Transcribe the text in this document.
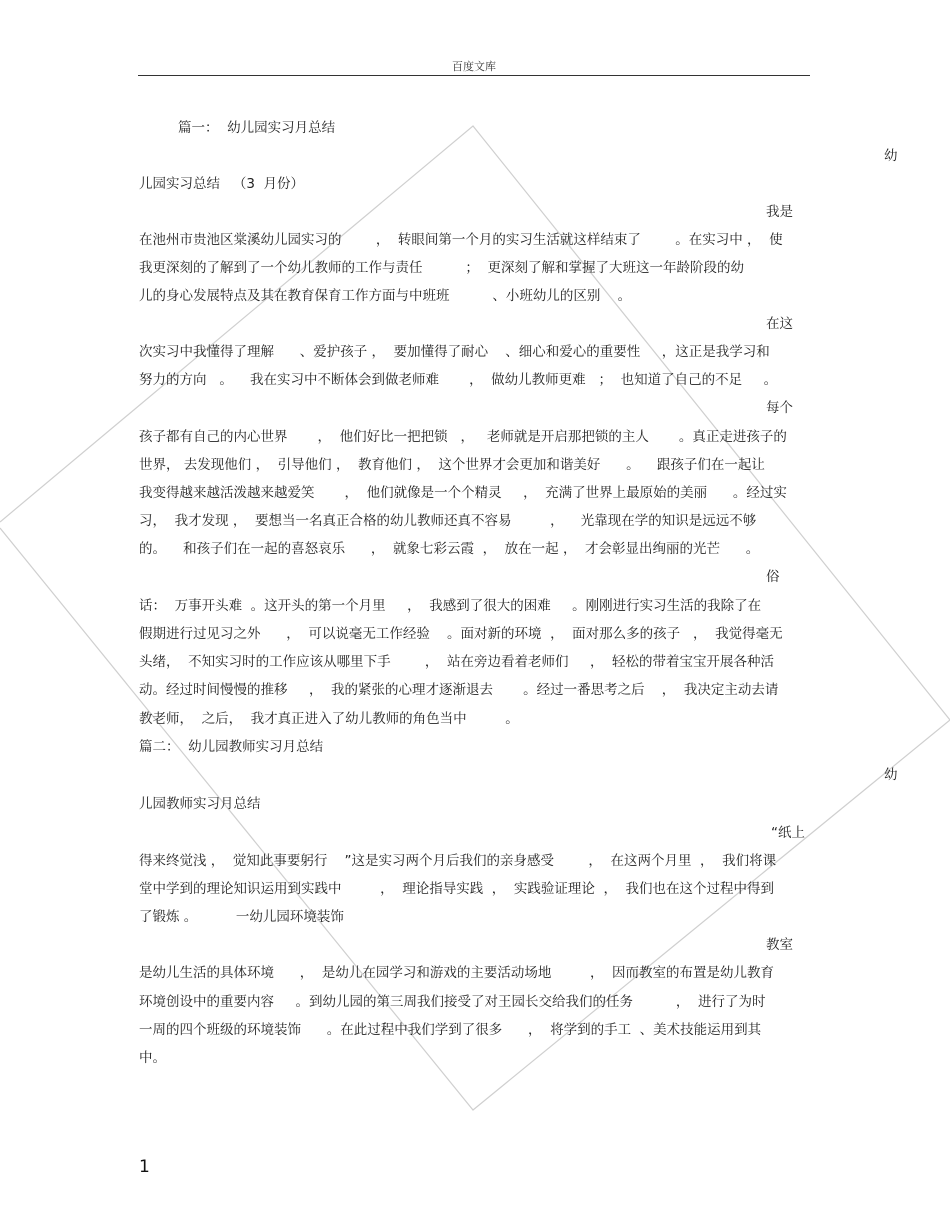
百度文库
篇一：  幼儿园实习月总结
幼
儿园实习总结   （3  月份）
我是
在池州市贵池区棠溪幼儿园实习的        ，  转眼间第一个月的实习生活就这样结束了        。在实习中 ，  使
我更深刻的了解到了一个幼儿教师的工作与责任          ；  更深刻了解和掌握了大班这一年龄阶段的幼
儿的身心发展特点及其在教育保育工作方面与中班班          、小班幼儿的区别    。
在这
次实习中我懂得了理解      、爱护孩子 ，  要加懂得了耐心    、细心和爱心的重要性     ，这正是我学习和
努力的方向   。    我在实习中不断体会到做老师难       ，  做幼儿教师更难   ；  也知道了自己的不足     。
每个
孩子都有自己的内心世界       ，  他们好比一把把锁   ，   老师就是开启那把锁的主人       。真正走进孩子的
世界， 去发现他们 ，  引导他们 ，  教育他们 ，  这个世界才会更加和谐美好      。    跟孩子们在一起让
我变得越来越活泼越来越爱笑       ，  他们就像是一个个精灵     ，  充满了世界上最原始的美丽      。经过实
习，  我才发现 ，  要想当一名真正合格的幼儿教师还真不容易         ，    光靠现在学的知识是远远不够
的。    和孩子们在一起的喜怒哀乐      ，  就象七彩云霞  ，  放在一起 ，  才会彰显出绚丽的光芒      。
俗
话：  万事开头难  。这开头的第一个月里     ，  我感到了很大的困难     。刚刚进行实习生活的我除了在
假期进行过见习之外      ，  可以说毫无工作经验    。面对新的环境  ，  面对那么多的孩子   ，  我觉得毫无
头绪，  不知实习时的工作应该从哪里下手        ，  站在旁边看着老师们     ，  轻松的带着宝宝开展各种活
动。经过时间慢慢的推移     ，  我的紧张的心理才逐渐退去       。经过一番思考之后    ，  我决定主动去请
教老师，  之后，  我才真正进入了幼儿教师的角色当中         。
篇二：  幼儿园教师实习月总结
幼
儿园教师实习月总结
“纸上
得来终觉浅 ，  觉知此事要躬行    ”这是实习两个月后我们的亲身感受        ，  在这两个月里  ，  我们将课
堂中学到的理论知识运用到实践中         ，  理论指导实践  ，  实践验证理论  ，  我们也在这个过程中得到
了锻炼 。         一幼儿园环境装饰
教室
是幼儿生活的具体环境      ，  是幼儿在园学习和游戏的主要活动场地         ，  因而教室的布置是幼儿教育
环境创设中的重要内容     。到幼儿园的第三周我们接受了对王园长交给我们的任务          ，  进行了为时
一周的四个班级的环境装饰      。在此过程中我们学到了很多      ，  将学到的手工  、美术技能运用到其
中。
1
